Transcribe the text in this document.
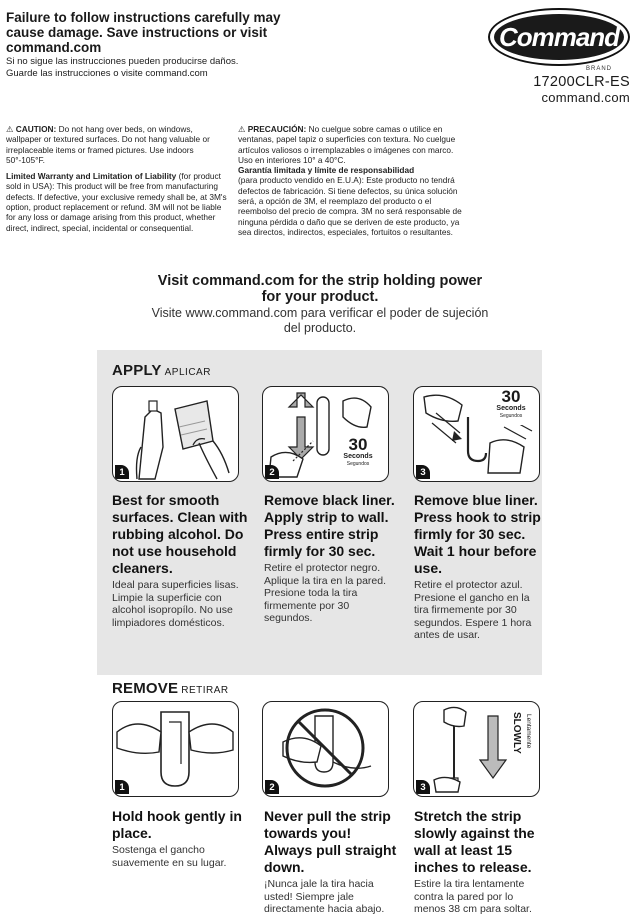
Failure to follow instructions carefully may cause damage. Save instructions or visit command.com
Si no sigue las instrucciones pueden producirse daños. Guarde las instrucciones o visite command.com
Command
BRAND
17200CLR-ES
command.com
⚠ CAUTION: Do not hang over beds, on windows, wallpaper or textured surfaces. Do not hang valuable or irreplaceable items or framed pictures. Use indoors 50°-105°F.
Limited Warranty and Limitation of Liability (for product sold in USA): This product will be free from manufacturing defects. If defective, your exclusive remedy shall be, at 3M's option, product replacement or refund. 3M will not be liable for any loss or damage arising from this product, whether direct, indirect, special, incidental or consequential.
⚠ PRECAUCIÓN: No cuelgue sobre camas o utilice en ventanas, papel tapiz o superficies con textura. No cuelgue artículos valiosos o irremplazables o imágenes con marco. Uso en interiores 10° a 40°C.
Garantía limitada y límite de responsabilidad
(para producto vendido en E.U.A): Este producto no tendrá defectos de fabricación. Si tiene defectos, su única solución será, a opción de 3M, el reemplazo del producto o el reembolso del precio de compra. 3M no será responsable de ninguna pérdida o daño que se deriven de este producto, ya sea directos, indirectos, especiales, fortuitos o resultantes.
Visit command.com for the strip holding power for your product.
Visite www.command.com para verificar el poder de sujeción del producto.
APPLY APLICAR
1
30
Seconds
Segundos
2
30
Seconds
Segundos
3
Best for smooth surfaces. Clean with rubbing alcohol. Do not use household cleaners.
Ideal para superficies lisas. Limpie la superficie con alcohol isopropílo. No use limpiadores domésticos.
Remove black liner. Apply strip to wall. Press entire strip firmly for 30 sec.
Retire el protector negro. Aplique la tira en la pared. Presione toda la tira firmemente por 30 segundos.
Remove blue liner. Press hook to strip firmly for 30 sec. Wait 1 hour before use.
Retire el protector azul. Presione el gancho en la tira firmemente por 30 segundos. Espere 1 hora antes de usar.
REMOVE RETIRAR
1	2
SLOWLY Lentamente
3
Hold hook gently in place.
Sostenga el gancho suavemente en su lugar.
Never pull the strip towards you! Always pull straight down.
¡Nunca jale la tira hacia usted! Siempre jale directamente hacia abajo.
Stretch the strip slowly against the wall at least 15 inches to release.
Estire la tira lentamente contra la pared por lo menos 38 cm para soltar.
